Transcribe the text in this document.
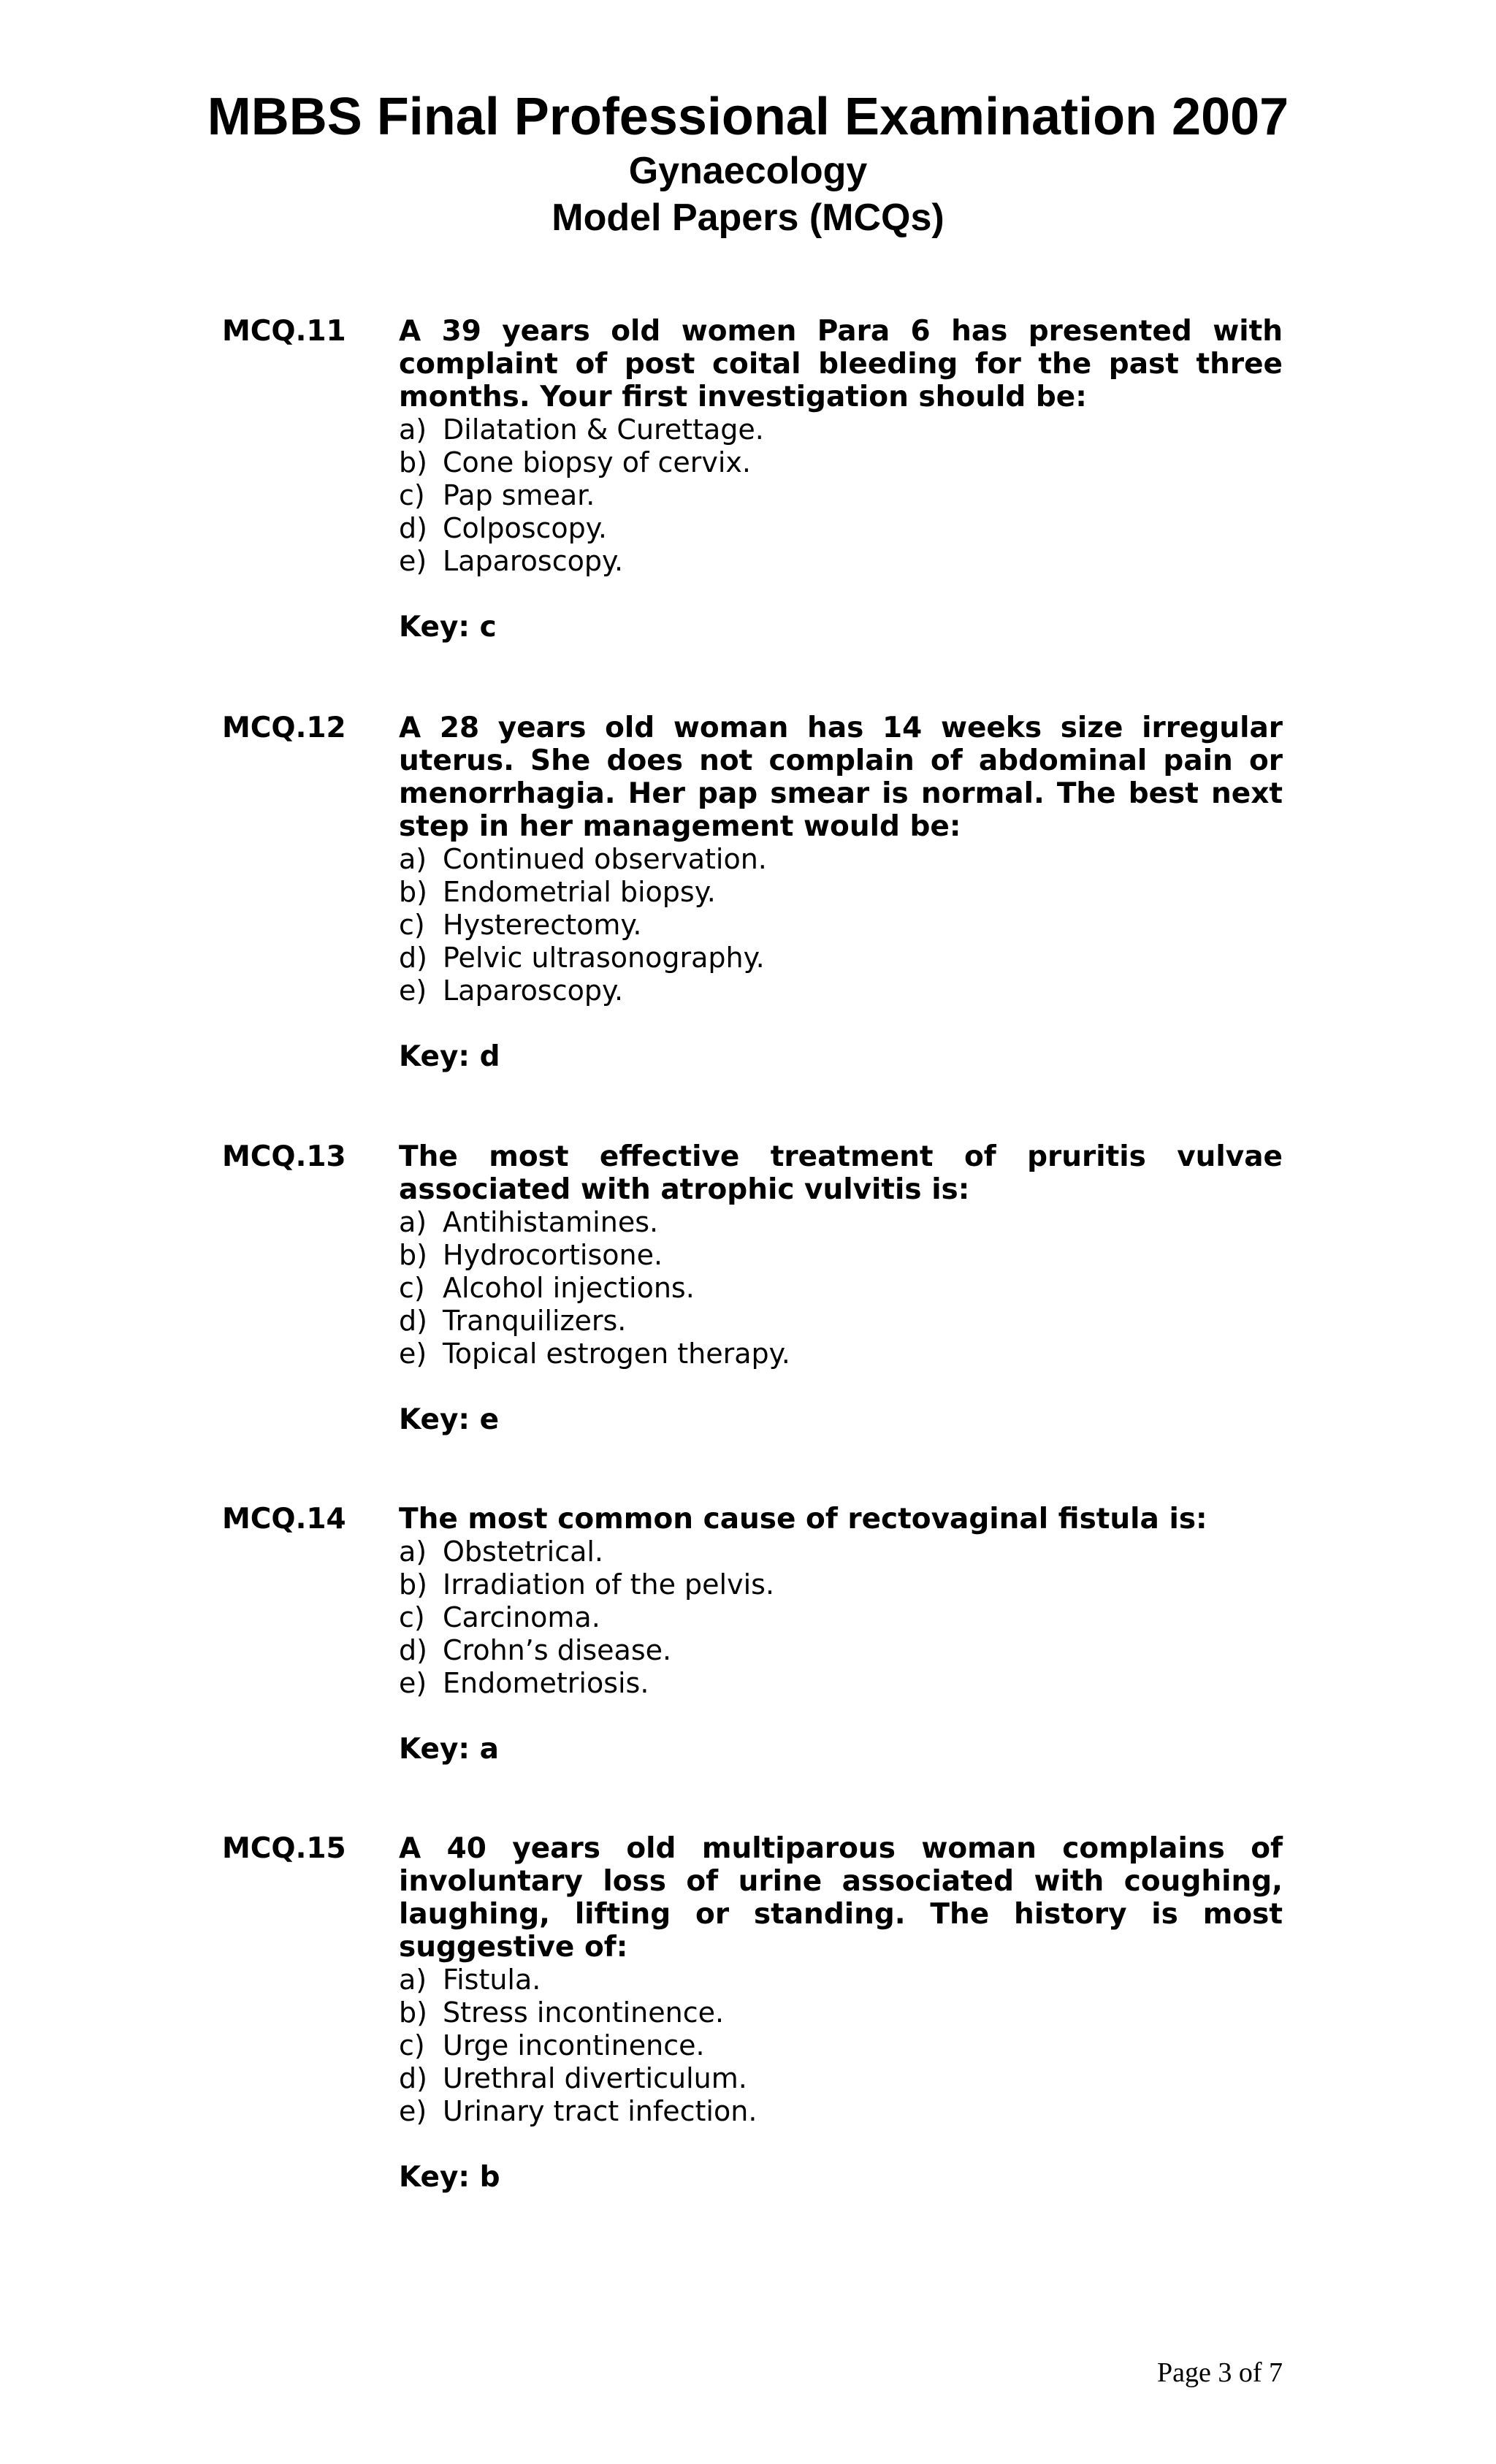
MBBS Final Professional Examination 2007
Gynaecology
Model Papers (MCQs)
MCQ.11 A 39 years old women Para 6 has presented with complaint of post coital bleeding for the past three months. Your first investigation should be:

a) Dilatation & Curettage.
b) Cone biopsy of cervix.
c) Pap smear.
d) Colposcopy.
e) Laparoscopy.
Key: c
MCQ.12 A 28 years old woman has 14 weeks size irregular uterus. She does not complain of abdominal pain or menorrhagia. Her pap smear is normal. The best next step in her management would be:

a) Continued observation.
b) Endometrial biopsy.
c) Hysterectomy.
d) Pelvic ultrasonography.
e) Laparoscopy.
Key: d
MCQ.13 The most effective treatment of pruritis vulvae associated with atrophic vulvitis is:

a) Antihistamines.
b) Hydrocortisone.
c) Alcohol injections.
d) Tranquilizers.
e) Topical estrogen therapy.
Key: e
MCQ.14 The most common cause of rectovaginal fistula is:

a) Obstetrical.
b) Irradiation of the pelvis.
c) Carcinoma.
d) Crohn’s disease.
e) Endometriosis.
Key: a
MCQ.15 A 40 years old multiparous woman complains of involuntary loss of urine associated with coughing, laughing, lifting or standing. The history is most suggestive of:

a) Fistula.
b) Stress incontinence.
c) Urge incontinence.
d) Urethral diverticulum.
e) Urinary tract infection.
Key: b
Page 3 of 7
